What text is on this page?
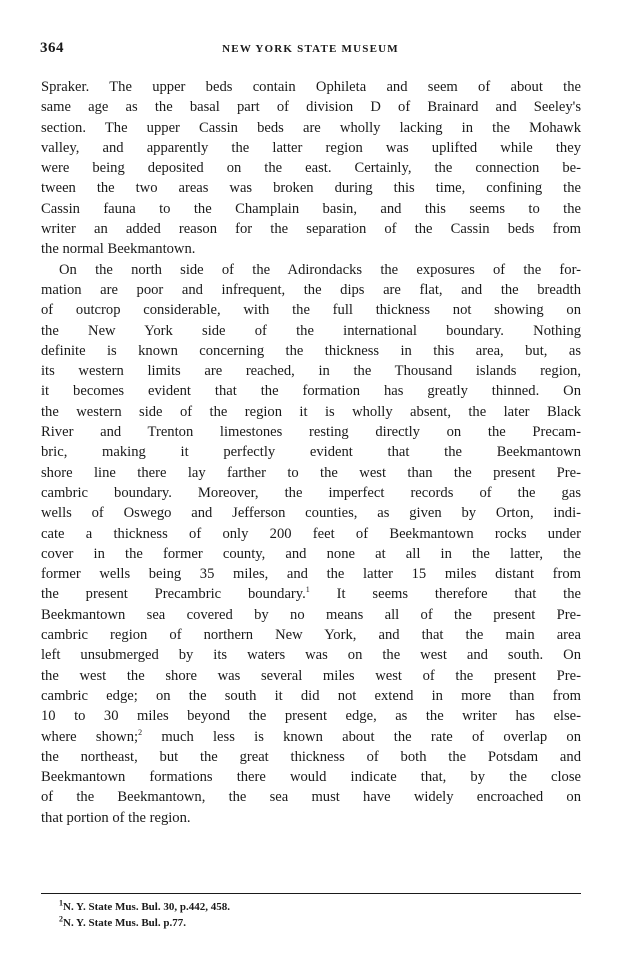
364	NEW YORK STATE MUSEUM

Spraker. The upper beds contain Ophileta and seem of about the
same age as the basal part of division D of Brainard and Seeley's
section. The upper Cassin beds are wholly lacking in the Mohawk
valley, and apparently the latter region was uplifted while they
were being deposited on the east. Certainly, the connection be-
tween the two areas was broken during this time, confining the
Cassin fauna to the Champlain basin, and this seems to the
writer an added reason for the separation of the Cassin beds from
the normal Beekmantown.

On the north side of the Adirondacks the exposures of the for-
mation are poor and infrequent, the dips are flat, and the breadth
of outcrop considerable, with the full thickness not showing on
the New York side of the international boundary. Nothing
definite is known concerning the thickness in this area, but, as
its western limits are reached, in the Thousand islands region,
it becomes evident that the formation has greatly thinned. On
the western side of the region it is wholly absent, the later Black
River and Trenton limestones resting directly on the Precam-
bric, making it perfectly evident that the Beekmantown
shore line there lay farther to the west than the present Pre-
cambric boundary. Moreover, the imperfect records of the gas
wells of Oswego and Jefferson counties, as given by Orton, indi-
cate a thickness of only 200 feet of Beekmantown rocks under
cover in the former county, and none at all in the latter, the
former wells being 35 miles, and the latter 15 miles distant from
the present Precambric boundary.$^1$ It seems therefore that the
Beekmantown sea covered by no means all of the present Pre-
cambric region of northern New York, and that the main area
left unsubmerged by its waters was on the west and south. On
the west the shore was several miles west of the present Pre-
cambric edge; on the south it did not extend in more than from
10 to 30 miles beyond the present edge, as the writer has else-
where shown;$^2$ much less is known about the rate of overlap on
the northeast, but the great thickness of both the Potsdam and
Beekmantown formations there would indicate that, by the close
of the Beekmantown, the sea must have widely encroached on
that portion of the region.

$^1$N. Y. State Mus. Bul. 30, p.442, 458.
$^2$N. Y. State Mus. Bul. p.77.
